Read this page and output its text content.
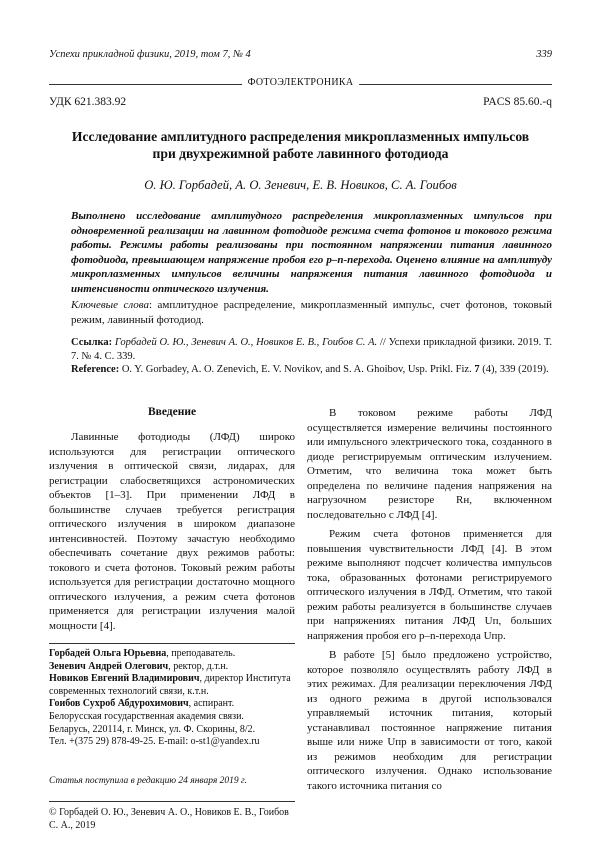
Успехи прикладной физики, 2019, том 7, № 4	339
ФОТОЭЛЕКТРОНИКА
УДК 621.383.92	PACS 85.60.-q
Исследование амплитудного распределения микроплазменных импульсов при двухрежимной работе лавинного фотодиода
О. Ю. Горбадей, А. О. Зеневич, Е. В. Новиков, С. А. Гоибов
Выполнено исследование амплитудного распределения микроплазменных импульсов при одновременной реализации на лавинном фотодиоде режима счета фотонов и токового режима работы. Режимы работы реализованы при постоянном напряжении питания лавинного фотодиода, превышающем напряжение пробоя его p–n-перехода. Оценено влияние на амплитуду микроплазменных импульсов величины напряжения питания лавинного фотодиода и интенсивности оптического излучения.
Ключевые слова: амплитудное распределение, микроплазменный импульс, счет фотонов, токовый режим, лавинный фотодиод.
Ссылка: Горбадей О. Ю., Зеневич А. О., Новиков Е. В., Гоибов С. А. // Успехи прикладной физики. 2019. Т. 7. № 4. С. 339.
Reference: O. Y. Gorbadey, A. O. Zenevich, E. V. Novikov, and S. A. Ghoibov, Usp. Prikl. Fiz. 7 (4), 339 (2019).
Введение

Лавинные фотодиоды (ЛФД) широко используются для регистрации оптического излучения в оптической связи, лидарах, для регистрации слабосветящихся астрономических объектов [1–3]. При применении ЛФД в большинстве случаев требуется регистрация оптического излучения в широком диапазоне интенсивностей. Поэтому зачастую необходимо обеспечивать сочетание двух режимов работы: токового и счета фотонов. Токовый режим работы используется для регистрации достаточно мощного оптического излучения, а режим счета фотонов применяется для регистрации излучения малой мощности [4].

В токовом режиме работы ЛФД осуществляется измерение величины постоянного или импульсного электрического тока, созданного в диоде регистрируемым оптическим излучением. Отметим, что величина тока может быть определена по величине падения напряжения на нагрузочном резисторе Rн, включенном последовательно с ЛФД [4].

Режим счета фотонов применяется для повышения чувствительности ЛФД [4]. В этом режиме выполняют подсчет количества импульсов тока, образованных фотонами регистрируемого оптического излучения в ЛФД. Отметим, что такой режим работы реализуется в большинстве случаев при напряжениях питания ЛФД Uп, больших напряжения пробоя его p–n-перехода Uпр.

В работе [5] было предложено устройство, которое позволяло осуществлять работу ЛФД в этих режимах. Для реализации переключения ЛФД из одного режима в другой использовался управляемый источник питания, который устанавливал постоянное напряжение питания выше или ниже Uпр в зависимости от того, какой из режимов необходим для регистрации оптического излучения. Однако использование такого источника питания со

Горбадей Ольга Юрьевна, преподаватель.
Зеневич Андрей Олегович, ректор, д.т.н.
Новиков Евгений Владимирович, директор Института современных технологий связи, к.т.н.
Гоибов Сухроб Абдурохимович, аспирант.
Белорусская государственная академия связи.
Беларусь, 220114, г. Минск, ул. Ф. Скорины, 8/2.
Тел. +(375 29) 878-49-25. E-mail: o-st1@yandex.ru
Статья поступила в редакцию 24 января 2019 г.
© Горбадей О. Ю., Зеневич А. О., Новиков Е. В., Гоибов С. А., 2019
